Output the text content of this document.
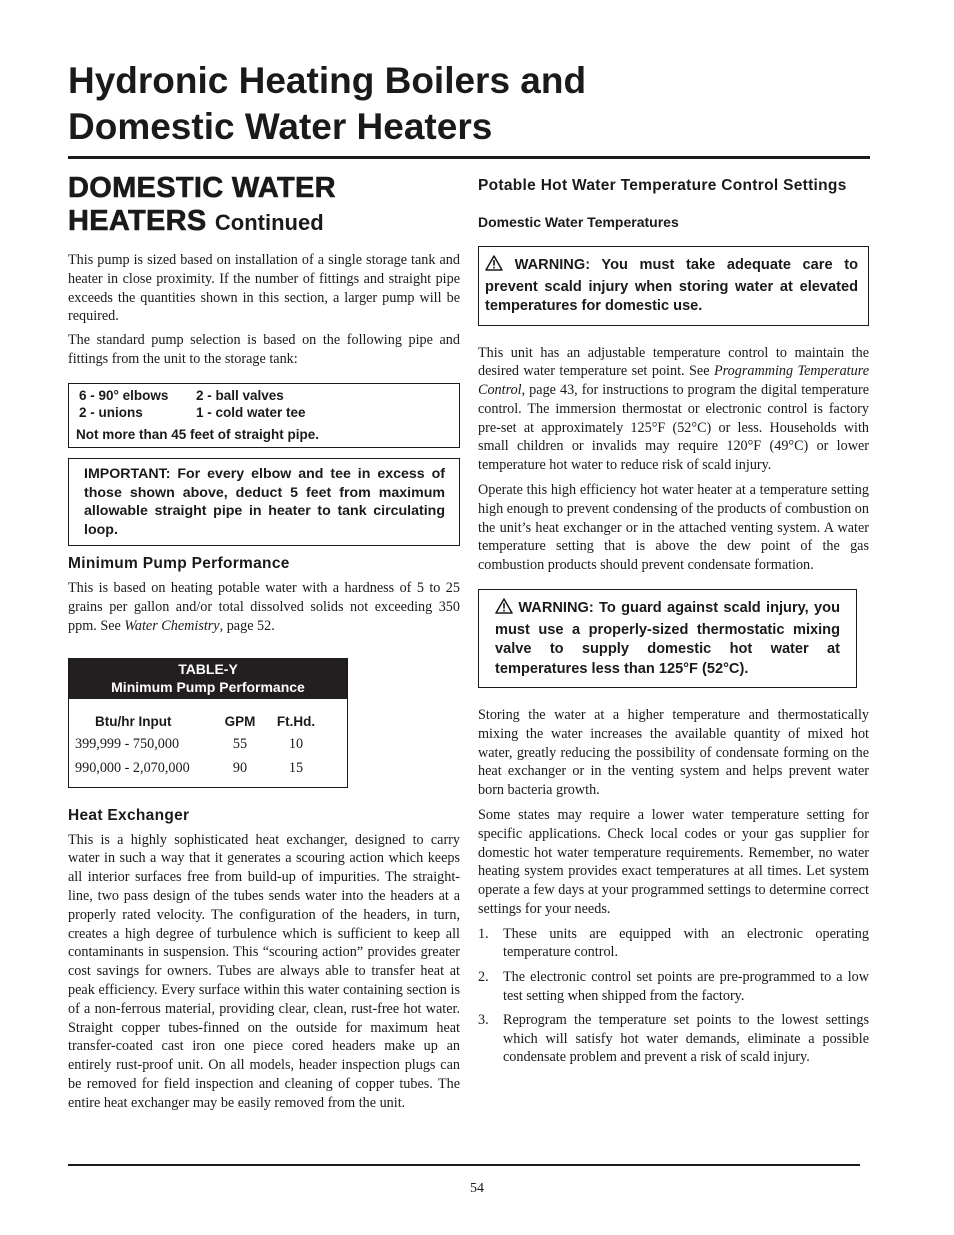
Hydronic Heating Boilers and
Domestic Water Heaters
DOMESTIC WATER
HEATERS Continued

This pump is sized based on installation of a single storage tank and heater in close proximity. If the number of fittings and straight pipe exceeds the quantities shown in this section, a larger pump will be required.

The standard pump selection is based on the following pipe and fittings from the unit to the storage tank:

6 - 90° elbows	2 - ball valves
2 - unions	1 - cold water tee
Not more than 45 feet of straight pipe.
IMPORTANT: For every elbow and tee in excess of those shown above, deduct 5 feet from maximum allowable straight pipe in heater to tank circulating loop.
Minimum Pump Performance

This is based on heating potable water with a hardness of 5 to 25 grains per gallon and/or total dissolved solids not exceeding 350 ppm. See Water Chemistry, page 52.

TABLE-Y
Minimum Pump Performance
Btu/hr Input	GPM	Ft.Hd.
399,999 - 750,000	55	10
990,000 - 2,070,000	90	15
Heat Exchanger

This is a highly sophisticated heat exchanger, designed to carry water in such a way that it generates a scouring action which keeps all interior surfaces free from build-up of impurities. The straight-line, two pass design of the tubes sends water into the headers at a properly rated velocity. The configuration of the headers, in turn, creates a high degree of turbulence which is sufficient to keep all contaminants in suspension. This “scouring action” provides greater cost savings for owners. Tubes are always able to transfer heat at peak efficiency. Every surface within this water containing section is of a non-ferrous material, providing clear, clean, rust-free hot water. Straight copper tubes-finned on the outside for maximum heat transfer-coated cast iron one piece cored headers make up an entirely rust-proof unit. On all models, header inspection plugs can be removed for field inspection and cleaning of copper tubes. The entire heat exchanger may be easily removed from the unit.

Potable Hot Water Temperature Control Settings
Domestic Water Temperatures
WARNING: You must take adequate care to prevent scald injury when storing water at elevated temperatures for domestic use.

This unit has an adjustable temperature control to maintain the desired water temperature set point. See Programming Temperature Control, page 43, for instructions to program the digital temperature control. The immersion thermostat or electronic control is factory pre-set at approximately 125°F (52°C) or less. Households with small children or invalids may require 120°F (49°C) or lower temperature hot water to reduce risk of scald injury.

Operate this high efficiency hot water heater at a temperature setting high enough to prevent condensing of the products of combustion on the unit’s heat exchanger or in the attached venting system. A water temperature setting that is above the dew point of the gas combustion products should prevent condensate formation.

WARNING: To guard against scald injury, you must use a properly-sized thermostatic mixing valve to supply domestic hot water at temperatures less than 125°F (52°C).

Storing the water at a higher temperature and thermostatically mixing the water increases the available quantity of mixed hot water, greatly reducing the possibility of condensate forming on the heat exchanger or in the venting system and helps prevent water born bacteria growth.

Some states may require a lower water temperature setting for specific applications. Check local codes or your gas supplier for domestic hot water temperature requirements. Remember, no water heating system provides exact temperatures at all times. Let system operate a few days at your programmed settings to determine correct settings for your needs.

1.	These units are equipped with an electronic operating temperature control.
2.	The electronic control set points are pre-programmed to a low test setting when shipped from the factory.
3.	Reprogram the temperature set points to the lowest settings which will satisfy hot water demands, eliminate a possible condensate problem and prevent a risk of scald injury.
54
